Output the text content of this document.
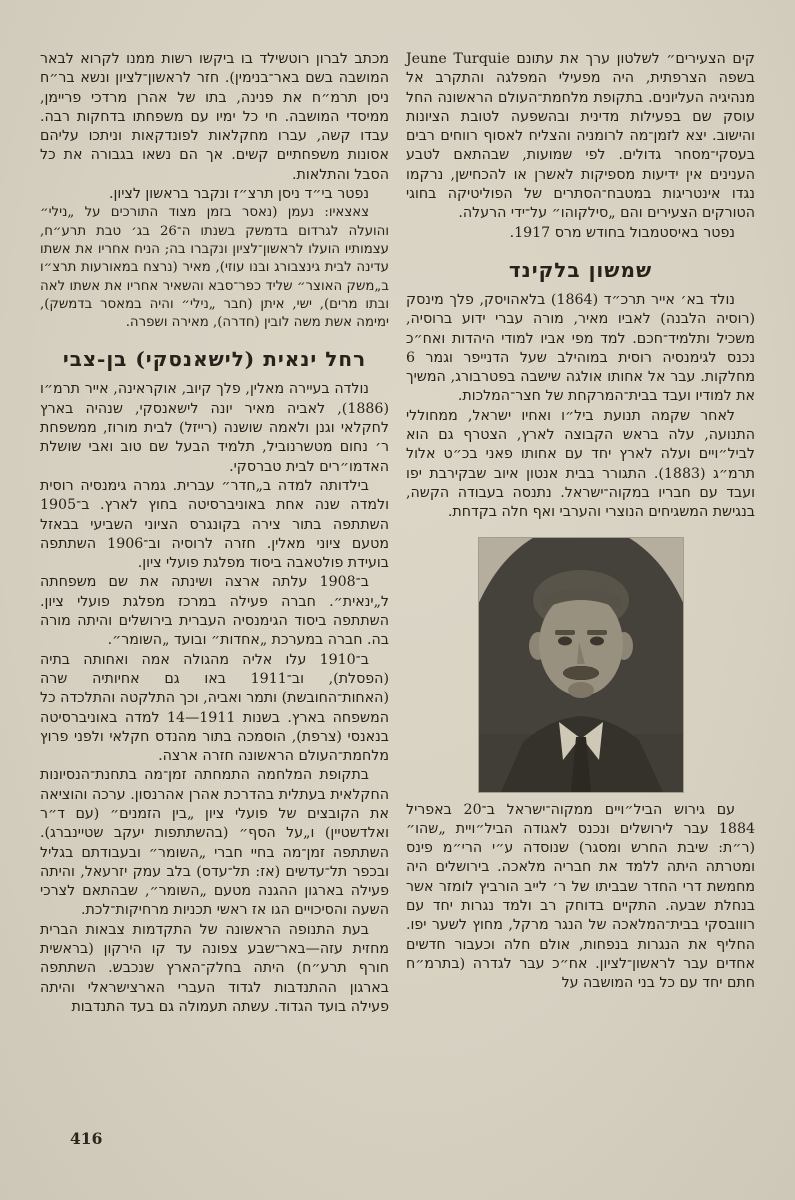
קים הצעירים״ לשלטון ערך את עתונם Jeune Turquie בשפה הצרפתית, היה מפעילי המפלגה והתקרב אל מנהיגיה העליונים. בתקופת מלחמת־העולם הראשונה החל עוסק שם בפעילות מדינית ובהשפעה לטובת הציונות והישוב. יצא לזמן־מה לרומניה והצליח לאסוף רווחים רבים בעסקי־מסחר גדולים. לפי שמועות, שבהתאם לטבע הענינים אין ידיעות מספיקות לאשרן או להכחישן, נרקמו נגדו אינטריגות במטבח־הסתרים של הפוליטיקה בחוגי הטורקים הצעירים והם „סילקוהו״ על־ידי הרעלה.

נפטר באיסטמבול בחודש מרס 1917.

שמשון בלקינד

נולד בא׳ אייר תרכ״ד (1864) בלאהויסק, פלך מינסק (רוסיה הלבנה) לאביו מאיר, מורה עברי ידוע ברוסיה, משכיל ותלמיד־חכם. למד מפי אביו למודי היהדות ואח״כ נכנס לגימנסיה רוסית במוהילב שעל הדנייפר וגמר 6 מחלקות. עבר אל אחותו אולגה שישבה בפטרבורג, המשיך את למודיו ועבד בבית־המרקחת של חצר־המלכות.

לאחר שקמה תנועת ביל״ו ואחיו ישראל, ממחוללי התנועה, עלה בראש הקבוצה לארץ, הצטרף גם הוא לביל״ויים ועלה לארץ יחד עם אחותו פאני בכ״ט אלול תרמ״ג (1883). התגורר בבית אנטון איוב שבקירבת יפו ועבד עם חבריו במקוה־ישראל. נתנסה בעבודה הקשה, בנגישת המשגיחים הנוצרי והערבי ואף חלה בקדחת.

עם גירוש הביל״ויים ממקוה־ישראל ב־20 באפריל 1884 עבר לירושלים ונכנס לאגודה הביל״ויית „שהו״ (ר״ת: שיבת החרש ומסגר) שנוסדה ע״י הרי״מ פינס ומטרתה היתה ללמד את חבריה מלאכה. בירושלים היה מחמשת דרי החדר שבביתו של ר׳ לייב הורביץ לומזר אשר בנחלת שבעה. התקיים בדוחק רב ולמד נגרות יחד עם רווובסקי בבית־המלאכה של הנגר מרקל, מחוץ לשער יפו. החליף את הנגרות בנפחות, אולם חלה וכעבור חדשים אחדים עבר לראשון־לציון. אח״כ עבר לגדרה (בתרמ״ח חתם יחד עם כל בני המושבה על

מכתב לברון רוטשילד בו ביקשו רשות ממנו לקרוא לבאר המושבה בשם באר־בנימין). חזר לראשון־לציון ונשא בר״ח ניסן תרמ״ח את פנינה, בתו של אהרן מרדכי פריימן, ממיסדי המושבה. חי כל ימיו עם משפחתו בדחקות רבה. עבדו קשה, עברו מחקלאות לפונדקאות וניתכו עליהם אסונות משפחתיים קשים. אך הם נשאו בגבורה את כל הסבל והתלאות.

נפטר בי״ד ניסן תרצ״ז ונקבר בראשון לציון.

צאצאיו: נעמן (נאסר בזמן מצוד התורכים על „נילי״ והועלה לגרדום בדמשק בשנתו ה־26 בג׳ טבת תרע״ח, עצמותיו הועלו לראשון־לציון ונקברו בה; הניח אחריו את אשתו עדינה לבית גינצבורג ובנו עוזי), מאיר (נרצח במאורעות תרצ״ו ב„משק האוצר״ שליד כפר־סבא והשאיר אחריו את אשתו לאה ובתו מרים), ישי, איתן (חבר „נילי״ והיה במאסר בדמשק), ימימה אשת משה לובין (חדרה), מאירה ושפרה.

רחל ינאית (לישאנסקי) בן-צבי

נולדה בעיירה מאלין, פלך קיוב, אוקראינה, אייר תרמ״ו (1886), לאביה מאיר יונה לישאנסקי, שנהיה בארץ לחקלאי וגנן ולאמה שושנה (רייזל) לבית מורוז, ממשפחת ר׳ נחום מטשרנוביל, תלמיד הבעל שם טוב ואבי שושלת האדמו״רים לבית טברסקי.

בילדותה למדה ב„חדר״ עברית. גמרה גימנסיה רוסית ולמדה שנה אחת באוניברסיטה בחוץ לארץ. ב־1905 השתתפה בתור צירה בקונגרס הציוני השביעי בבאזל מטעם ציוני מאלין. חזרה לרוסיה וב־1906 השתתפה בועידת פולטאבה ביסוד מפלגת פועלי ציון.

ב־1908 עלתה ארצה ושינתה את שם משפחתה ל„ינאית״. חברה פעילה במרכז מפלגת פועלי ציון. השתתפה ביסוד הגימנסיה העברית בירושלים והיתה מורה בה. חברה במערכת „אחדות״ ובועד „השומר״.

ב־1910 עלו אליה מהגולה אמה ואחותה בתיה (הפסלת), וב־1911 באו גם אחיותיה שרה (האחות־החובשת) ותמר ואביה, וכך התלקטה והתלכדה כל המשפחה בארץ. בשנות 1911—14 למדה באוניברסיטה בנאנסי (צרפת), הוסמכה בתור מהנדס חקלאי ולפני פרוץ מלחמת־העולם הראשונה חזרה ארצה.

בתקופת המלחמה התמחתה זמן־מה בתחנת־הנסיונות החקלאית בעתלית בהדרכת אהרן אהרנסון. ערכה והוציאה את הקובצים של פועלי ציון „בין הזמנים״ (עם ד״ר ואלדשטיין) ו„על הסף״ (בהשתתפות יעקב שטיינברג). השתתפה זמן־מה בחיי חברי „השומר״ ובעבודתם בגליל ובכפר תל־עדשים (אז: תל־עדס) בלב עמק יזרעאל, והיתה פעילה בארגון ההגנה מטעם „השומר״, שבהתאם לצרכי השעה והסיכויים הגו אז ראשי תכניות מרחיקות־לכת.

בעת התנופה הראשונה של התקדמות צבאות הברית מחזית עזה—באר־שבע צפונה עד קו הירקון (בראשית חורף תרע״ח) היתה בחלק־הארץ שנכבש. השתתפה בארגון ההתנדבות לגדוד העברי הארצישראלי והיתה פעילה בועד הגדוד. עשתה תעמולה גם בעד התנדבות

416
